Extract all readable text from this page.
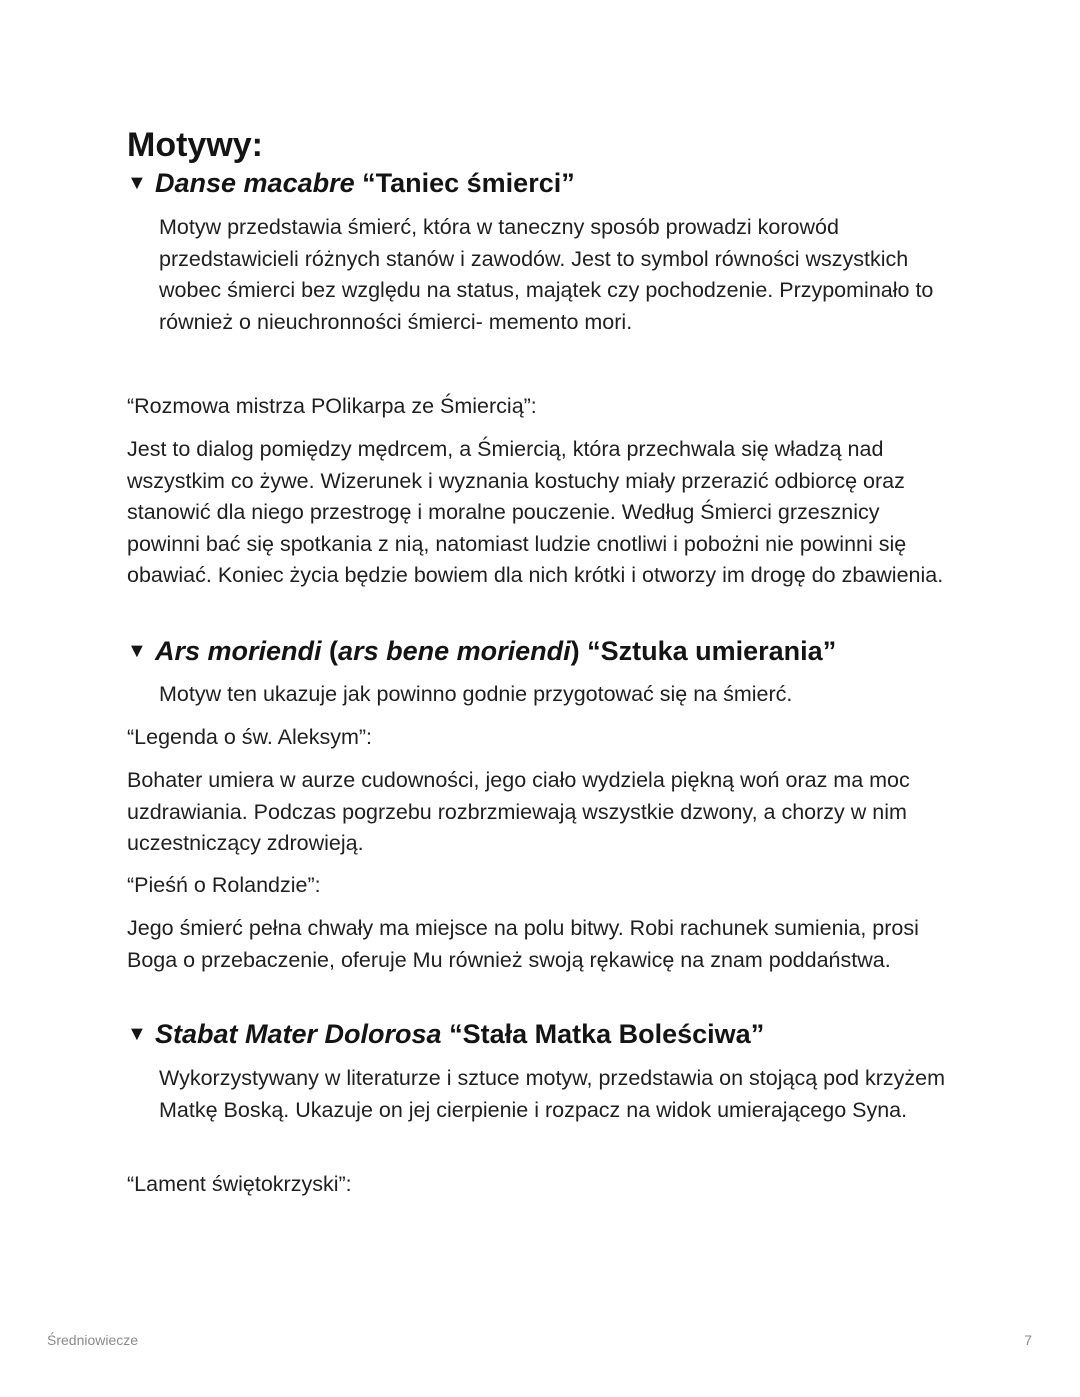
Motywy:
▼ Danse macabre “Taniec śmierci”

Motyw przedstawia śmierć, która w taneczny sposób prowadzi korowód przedstawicieli różnych stanów i zawodów. Jest to symbol równości wszystkich wobec śmierci bez względu na status, majątek czy pochodzenie. Przypominało to również o nieuchronności śmierci- memento mori.

“Rozmowa mistrza POlikarpa ze Śmiercią”:

Jest to dialog pomiędzy mędrcem, a Śmiercią, która przechwala się władzą nad wszystkim co żywe. Wizerunek i wyznania kostuchy miały przerazić odbiorcę oraz stanowić dla niego przestrogę i moralne pouczenie. Według Śmierci grzesznicy powinni bać się spotkania z nią, natomiast ludzie cnotliwi i pobożni nie powinni się obawiać. Koniec życia będzie bowiem dla nich krótki i otworzy im drogę do zbawienia.

▼ Ars moriendi ( ars bene moriendi ) “Sztuka umierania”

Motyw ten ukazuje jak powinno godnie przygotować się na śmierć.

“Legenda o św. Aleksym”:

Bohater umiera w aurze cudowności, jego ciało wydziela piękną woń oraz ma moc uzdrawiania. Podczas pogrzebu rozbrzmiewają wszystkie dzwony, a chorzy w nim uczestniczący zdrowieją.

“Pieśń o Rolandzie”:

Jego śmierć pełna chwały ma miejsce na polu bitwy. Robi rachunek sumienia, prosi Boga o przebaczenie, oferuje Mu również swoją rękawicę na znam poddaństwa.

▼ Stabat Mater Dolorosa “Stała Matka Boleściwa”

Wykorzystywany w literaturze i sztuce motyw, przedstawia on stojącą pod krzyżem Matkę Boską. Ukazuje on jej cierpienie i rozpacz na widok umierającego Syna.

“Lament świętokrzyski”:

Średniowiecze	7
